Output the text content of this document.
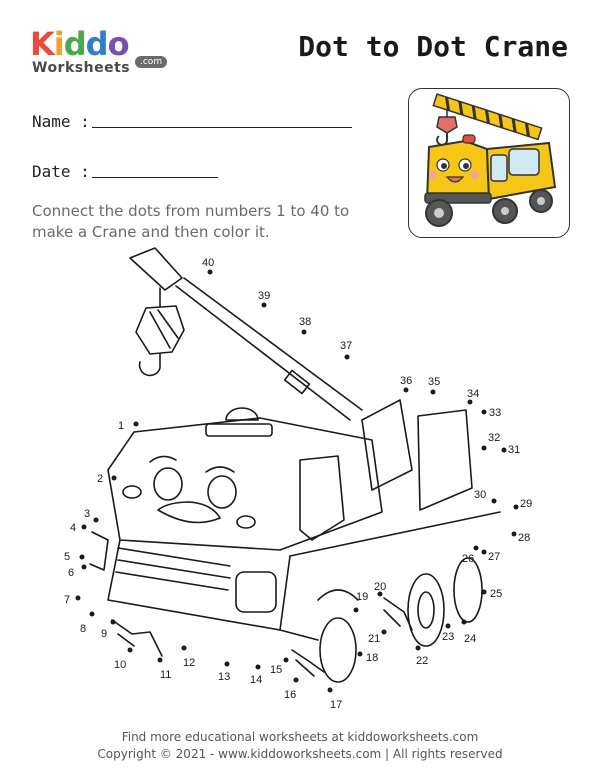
Kiddo
Worksheets	.com	Dot to Dot Crane
Name :
Date :
Connect the dots from numbers 1 to 40 to make a Crane and then color it.
1
2
3
4
5
6
7
8 9
10
11
12
13 14
15
16
17
18
19
20
21
22
23 24
25
26 27
28
29
30
31
32
33
34
35
36
37
38
39
40
Find more educational worksheets at kiddoworksheets.com
Copyright © 2021 - www.kiddoworksheets.com | All rights reserved
